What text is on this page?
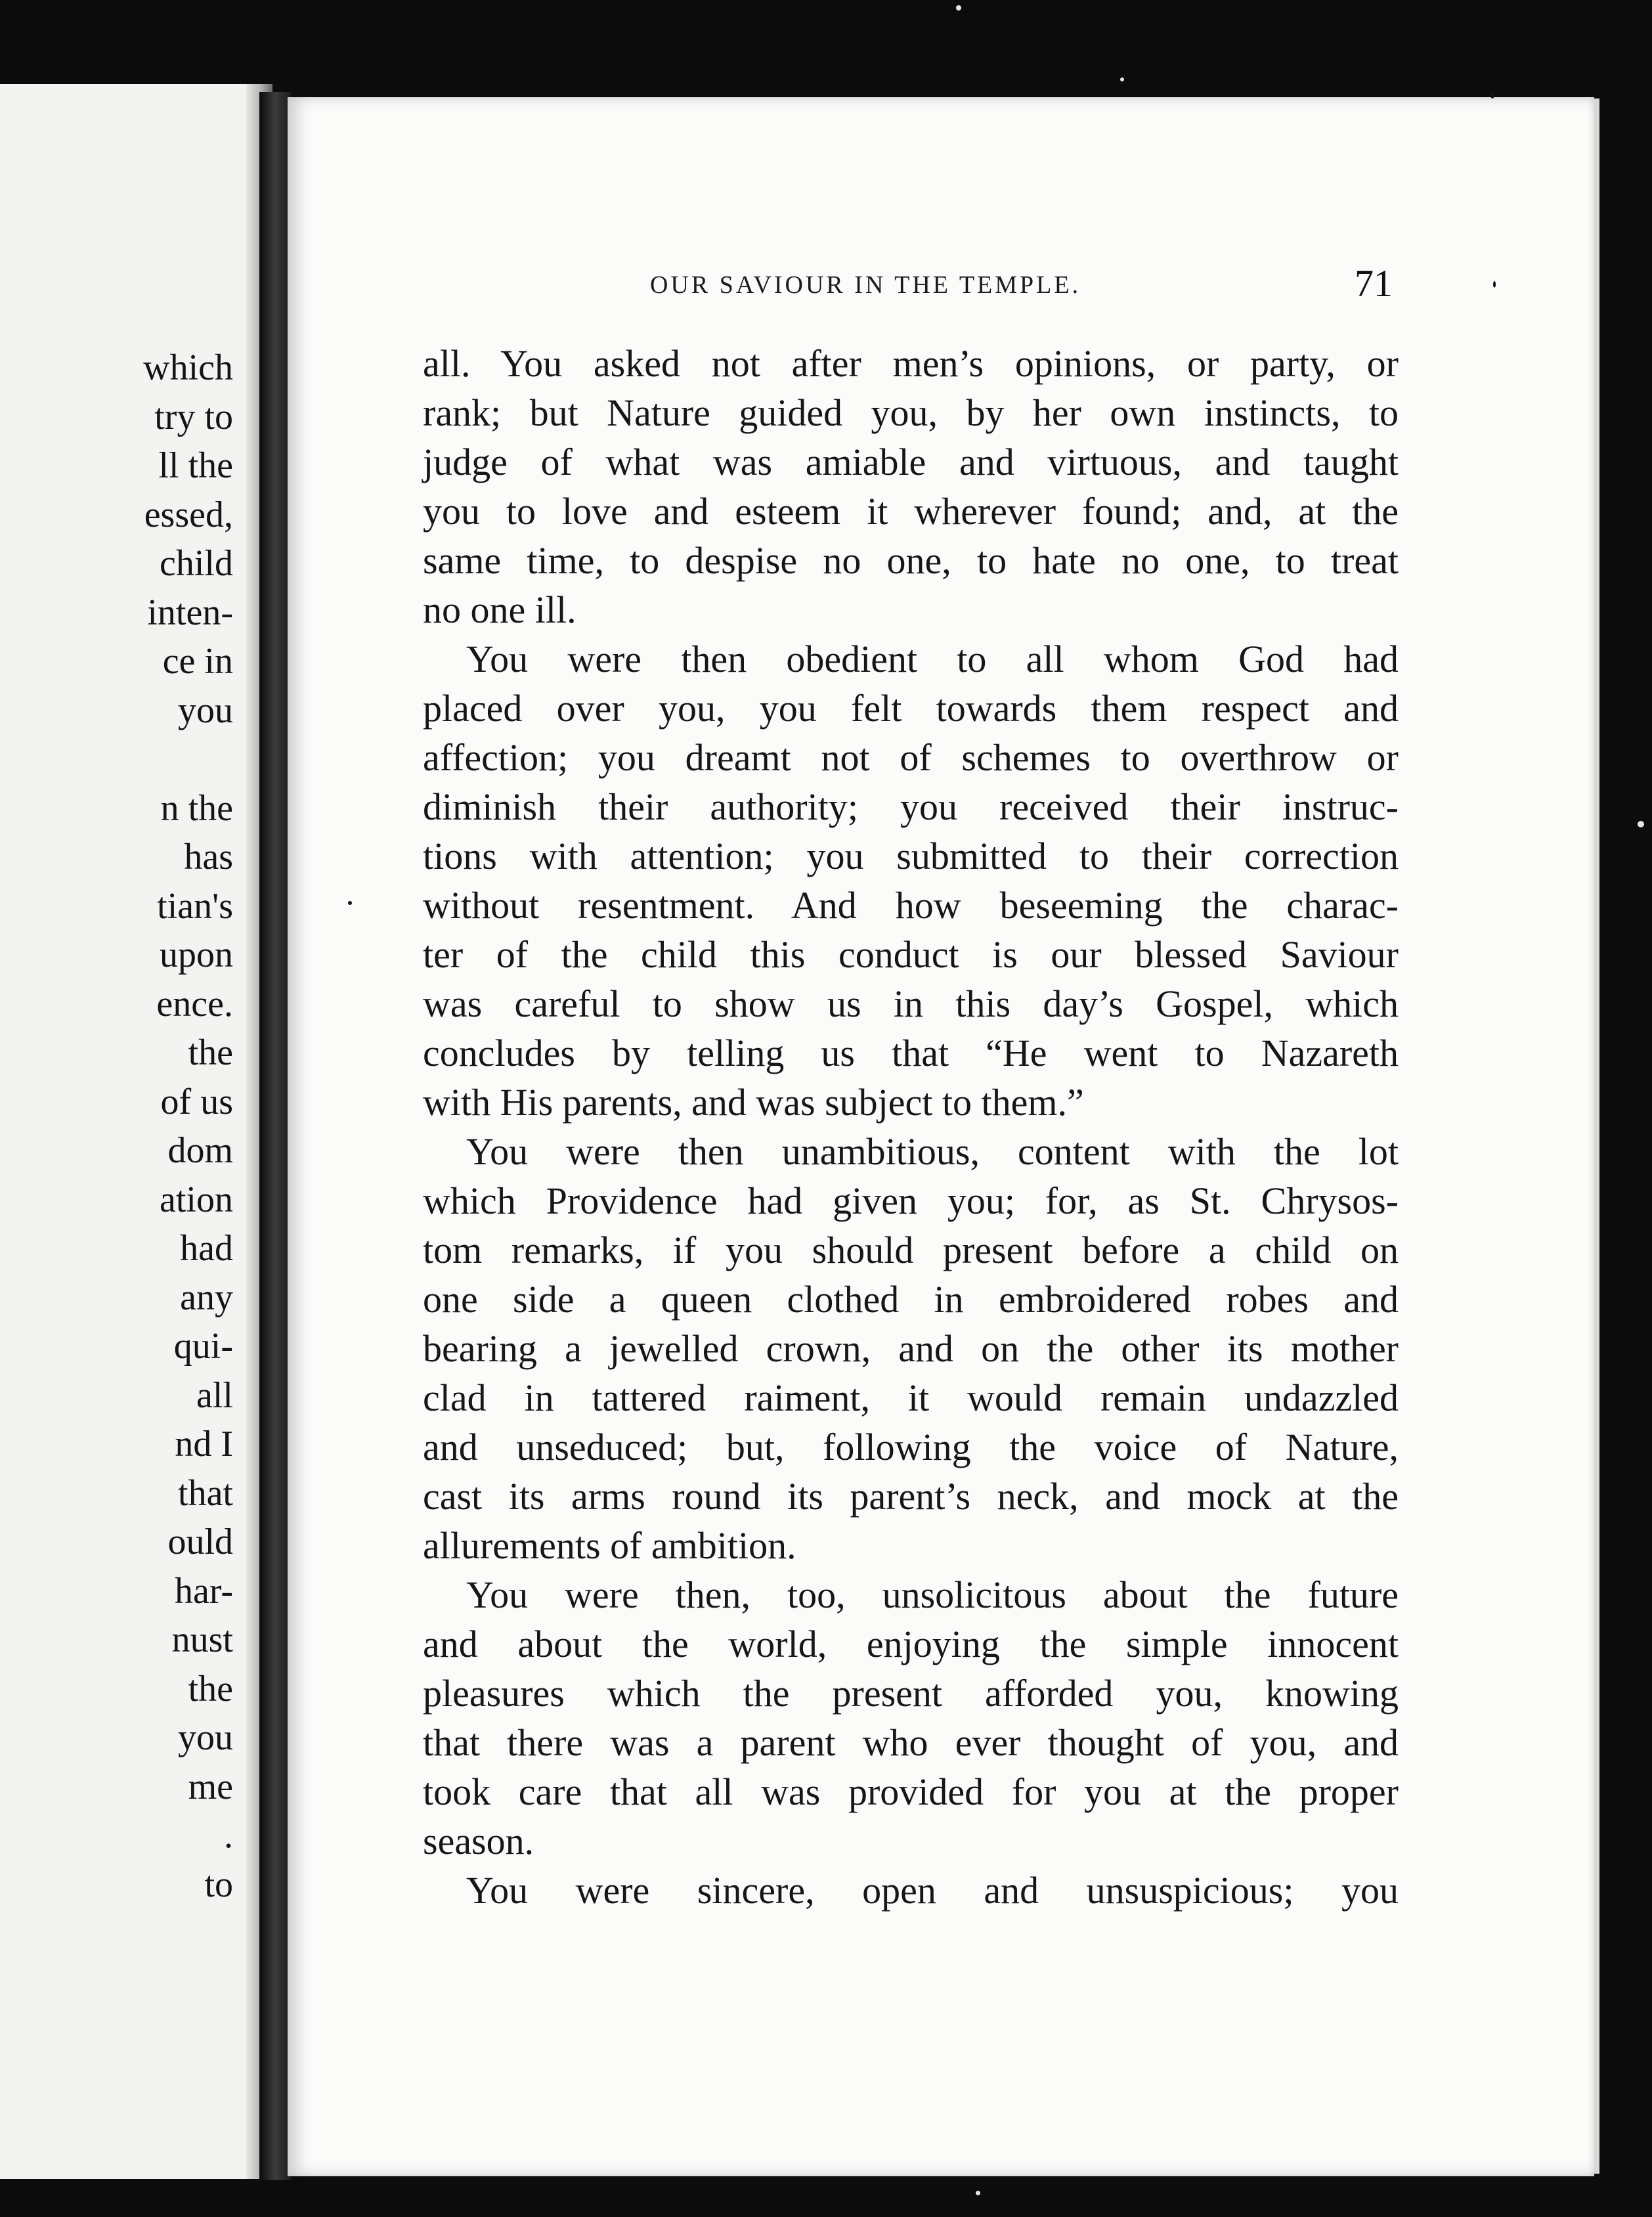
which
try to
ll the
essed,
child
inten-
ce in
you
n the
has
tian's
upon
ence.
the
of us
dom
ation
had
any
qui-
all
nd I
that
ould
har-
nust
the
you
me
.
to
OUR SAVIOUR IN THE TEMPLE.	71
all. You asked not after men’s opinions, or party, or
rank; but Nature guided you, by her own instincts, to
judge of what was amiable and virtuous, and taught
you to love and esteem it wherever found; and, at the
same time, to despise no one, to hate no one, to treat
no one ill.
You were then obedient to all whom God had
placed over you, you felt towards them respect and
affection; you dreamt not of schemes to overthrow or
diminish their authority; you received their instruc-
tions with attention; you submitted to their correction
without resentment. And how beseeming the charac-
ter of the child this conduct is our blessed Saviour
was careful to show us in this day’s Gospel, which
concludes by telling us that “He went to Nazareth
with His parents, and was subject to them.”
You were then unambitious, content with the lot
which Providence had given you; for, as St. Chrysos-
tom remarks, if you should present before a child on
one side a queen clothed in embroidered robes and
bearing a jewelled crown, and on the other its mother
clad in tattered raiment, it would remain undazzled
and unseduced; but, following the voice of Nature,
cast its arms round its parent’s neck, and mock at the
allurements of ambition.
You were then, too, unsolicitous about the future
and about the world, enjoying the simple innocent
pleasures which the present afforded you, knowing
that there was a parent who ever thought of you, and
took care that all was provided for you at the proper
season.
You were sincere, open and unsuspicious; you
